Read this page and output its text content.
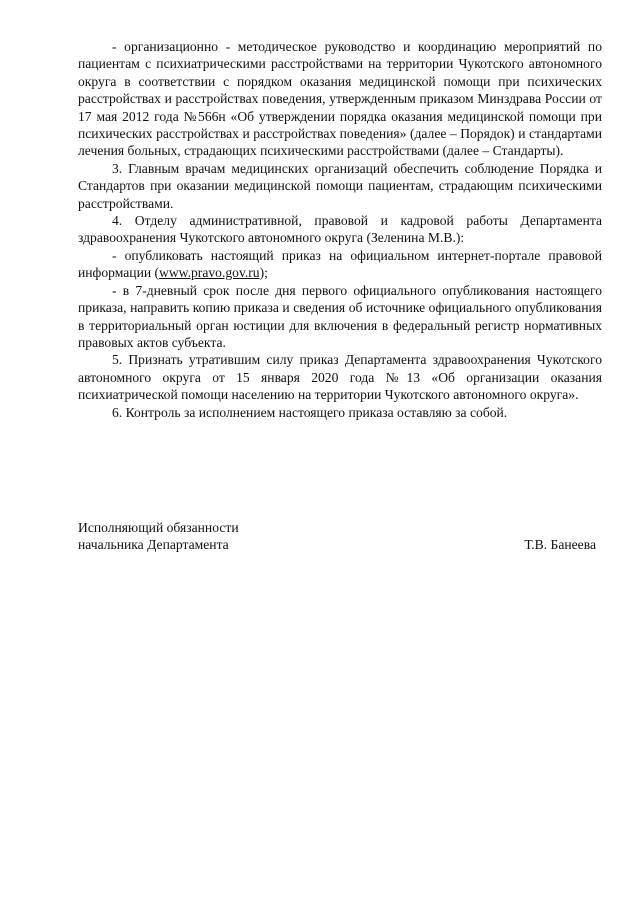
- организационно - методическое руководство и координацию мероприятий по пациентам с психиатрическими расстройствами на территории Чукотского автономного округа в соответствии с порядком оказания медицинской помощи при психических расстройствах и расстройствах поведения, утвержденным приказом Минздрава России от 17 мая 2012 года №566н «Об утверждении порядка оказания медицинской помощи при психических расстройствах и расстройствах поведения» (далее – Порядок) и стандартами лечения больных, страдающих психическими расстройствами (далее – Стандарты).

3. Главным врачам медицинских организаций обеспечить соблюдение Порядка и Стандартов при оказании медицинской помощи пациентам, страдающим психическими расстройствами.

4. Отделу административной, правовой и кадровой работы Департамента здравоохранения Чукотского автономного округа (Зеленина М.В.):

- опубликовать настоящий приказ на официальном интернет-портале правовой информации (www.pravo.gov.ru);

- в 7-дневный срок после дня первого официального опубликования настоящего приказа, направить копию приказа и сведения об источнике официального опубликования в территориальный орган юстиции для включения в федеральный регистр нормативных правовых актов субъекта.

5. Признать утратившим силу приказ Департамента здравоохранения Чукотского автономного округа от 15 января 2020 года №13 «Об организации оказания психиатрической помощи населению на территории Чукотского автономного округа».

6. Контроль за исполнением настоящего приказа оставляю за собой.

Исполняющий обязанности
начальника Департамента	Т.В. Банеева
